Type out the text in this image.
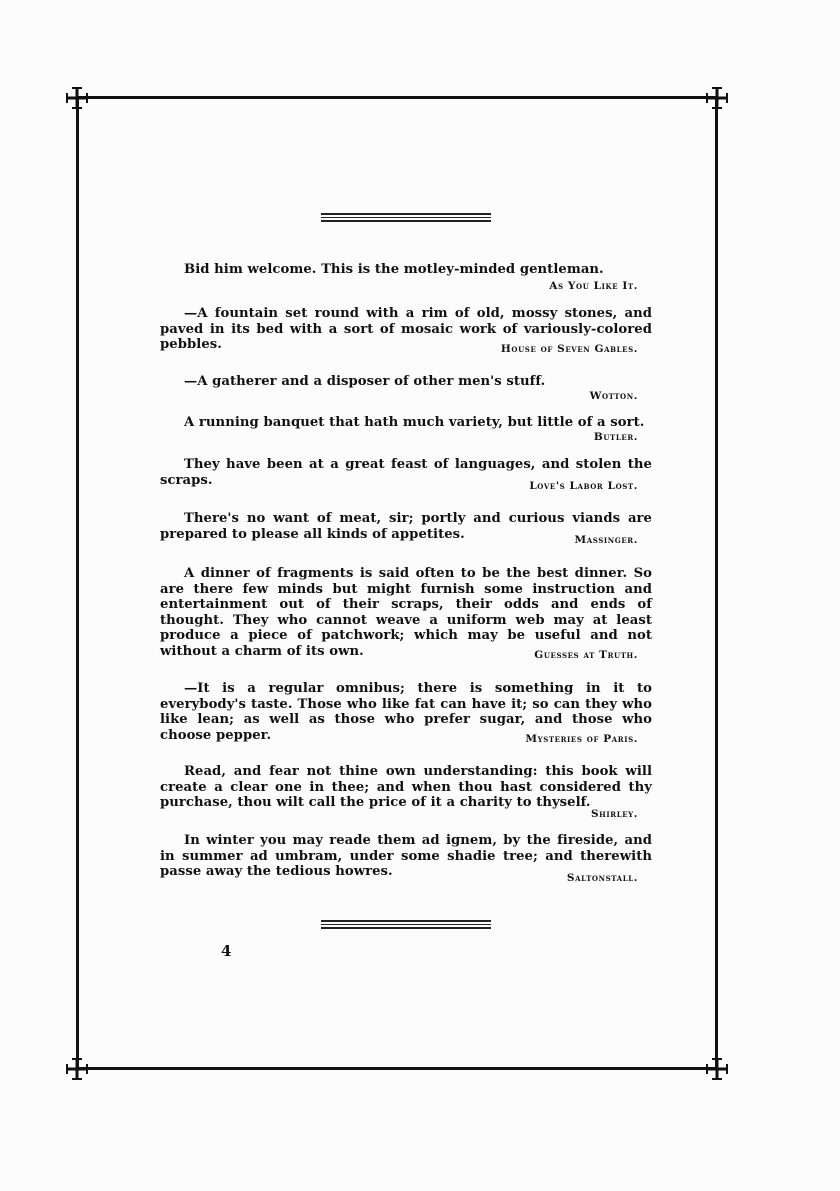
Bid him welcome. This is the motley-minded gentleman.

As You Like It.

—A fountain set round with a rim of old, mossy stones, and paved in its bed with a sort of mosaic work of variously-colored pebbles.	House of Seven Gables.

—A gatherer and a disposer of other men's stuff.

Wotton.

A running banquet that hath much variety, but little of a sort.

Butler.

They have been at a great feast of languages, and stolen the scraps.	Love's Labor Lost.

There's no want of meat, sir; portly and curious viands are prepared to please all kinds of appetites.	Massinger.

A dinner of fragments is said often to be the best dinner. So are there few minds but might furnish some instruction and entertainment out of their scraps, their odds and ends of thought. They who cannot weave a uniform web may at least produce a piece of patchwork; which may be useful and not without a charm of its own.	Guesses at Truth.

—It is a regular omnibus; there is something in it to everybody's taste. Those who like fat can have it; so can they who like lean; as well as those who prefer sugar, and those who choose pepper.	Mysteries of Paris.

Read, and fear not thine own understanding: this book will create a clear one in thee; and when thou hast considered thy purchase, thou wilt call the price of it a charity to thyself.

Shirley.

In winter you may reade them ad ignem, by the fireside, and in summer ad umbram, under some shadie tree; and therewith passe away the tedious howres.	Saltonstall.
4
